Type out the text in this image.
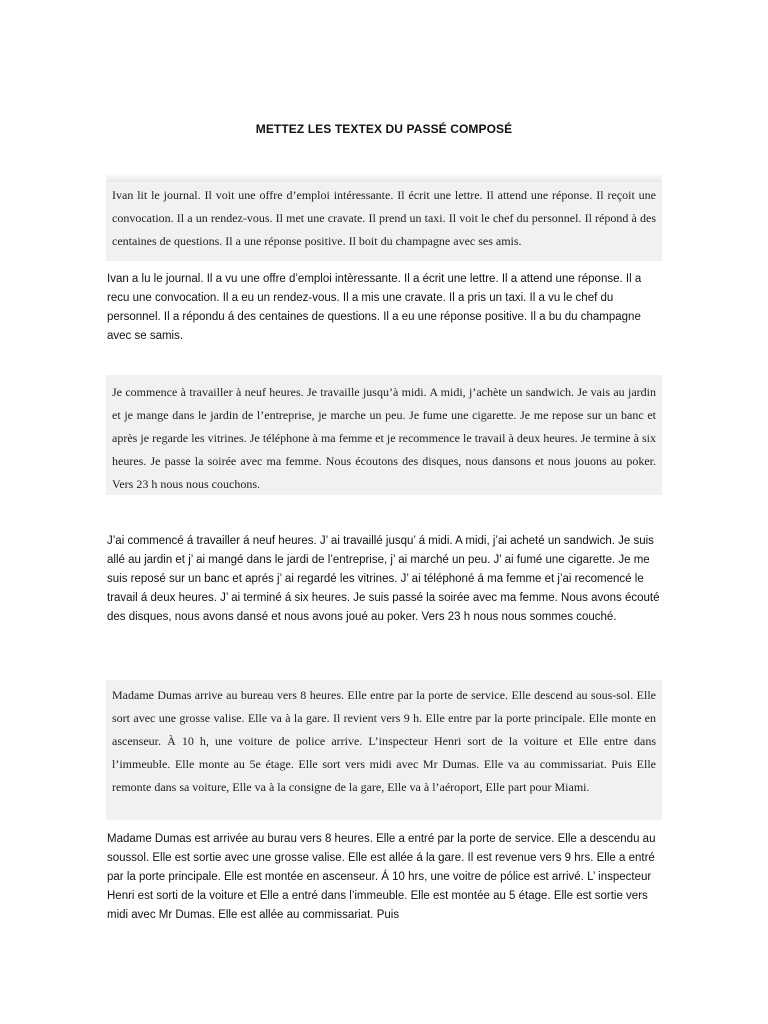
METTEZ LES TEXTEX DU PASSÉ COMPOSÉ
Ivan lit le journal. Il voit une offre d’emploi intéressante. Il écrit une lettre. Il attend une réponse. Il reçoit une convocation. Il a un rendez-vous. Il met une cravate. Il prend un taxi. Il voit le chef du personnel. Il répond à des centaines de questions. Il a une réponse positive. Il boit du champagne avec ses amis.
Ivan a lu le journal. Il a vu une offre d’emploi intèressante. Il a écrit une lettre. Il a attend une réponse. Il a recu une convocation. Il a eu un rendez-vous. Il a mis une cravate. Il a pris un taxi. Il a vu le chef du personnel. Il a répondu á des centaines de questions. Il a eu une réponse positive. Il a bu du champagne avec se samis.
Je commence à travailler à neuf heures. Je travaille jusqu’à midi. A midi, j’achète un sandwich. Je vais au jardin et je mange dans le jardin de l’entreprise, je marche un peu. Je fume une cigarette. Je me repose sur un banc et après je regarde les vitrines. Je téléphone à ma femme et je recommence le travail à deux heures. Je termine à six heures. Je passe la soirée avec ma femme. Nous écoutons des disques, nous dansons et nous jouons au poker. Vers 23 h nous nous couchons.
J’ai commencé á travailler á neuf heures. J’ ai travaillé jusqu’ á midi. A midi, j’ai acheté un sandwich. Je suis allé au jardin et j’ ai mangé dans le jardi de l’entreprise, j’ ai marché un peu. J’ ai fumé une cigarette. Je me suis reposé sur un banc et aprés j’ ai regardé les vitrines. J’ ai téléphoné á ma femme et j’ai recomencé le travail á deux heures. J’ ai terminé á six heures. Je suis passé la soirée avec ma femme. Nous avons écouté des disques, nous avons dansé et nous avons joué au poker. Vers 23 h nous nous sommes couché.
Madame Dumas arrive au bureau vers 8 heures. Elle entre par la porte de service. Elle descend au sous-sol. Elle sort avec une grosse valise. Elle va à la gare. Il revient vers 9 h. Elle entre par la porte principale. Elle monte en ascenseur. À 10 h, une voiture de police arrive. L’inspecteur Henri sort de la voiture et Elle entre dans l’immeuble. Elle monte au 5e étage. Elle sort vers midi avec Mr Dumas. Elle va au commissariat. Puis Elle remonte dans sa voiture, Elle va à la consigne de la gare, Elle va à l’aéroport, Elle part pour Miami.
Madame Dumas est arrivée au burau vers 8 heures. Elle a entré par la porte de service. Elle a descendu au soussol. Elle est sortie avec une grosse valise. Elle est allée á la gare. Il est revenue vers 9 hrs. Elle a entré par la porte principale. Elle est montée en ascenseur. Á 10 hrs, une voitre de pólice est arrivé. L’ inspecteur Henri est sorti de la voiture et Elle a entré dans l’immeuble. Elle est montée au 5 étage. Elle est sortie vers midi avec Mr Dumas. Elle est allée au commissariat. Puis
